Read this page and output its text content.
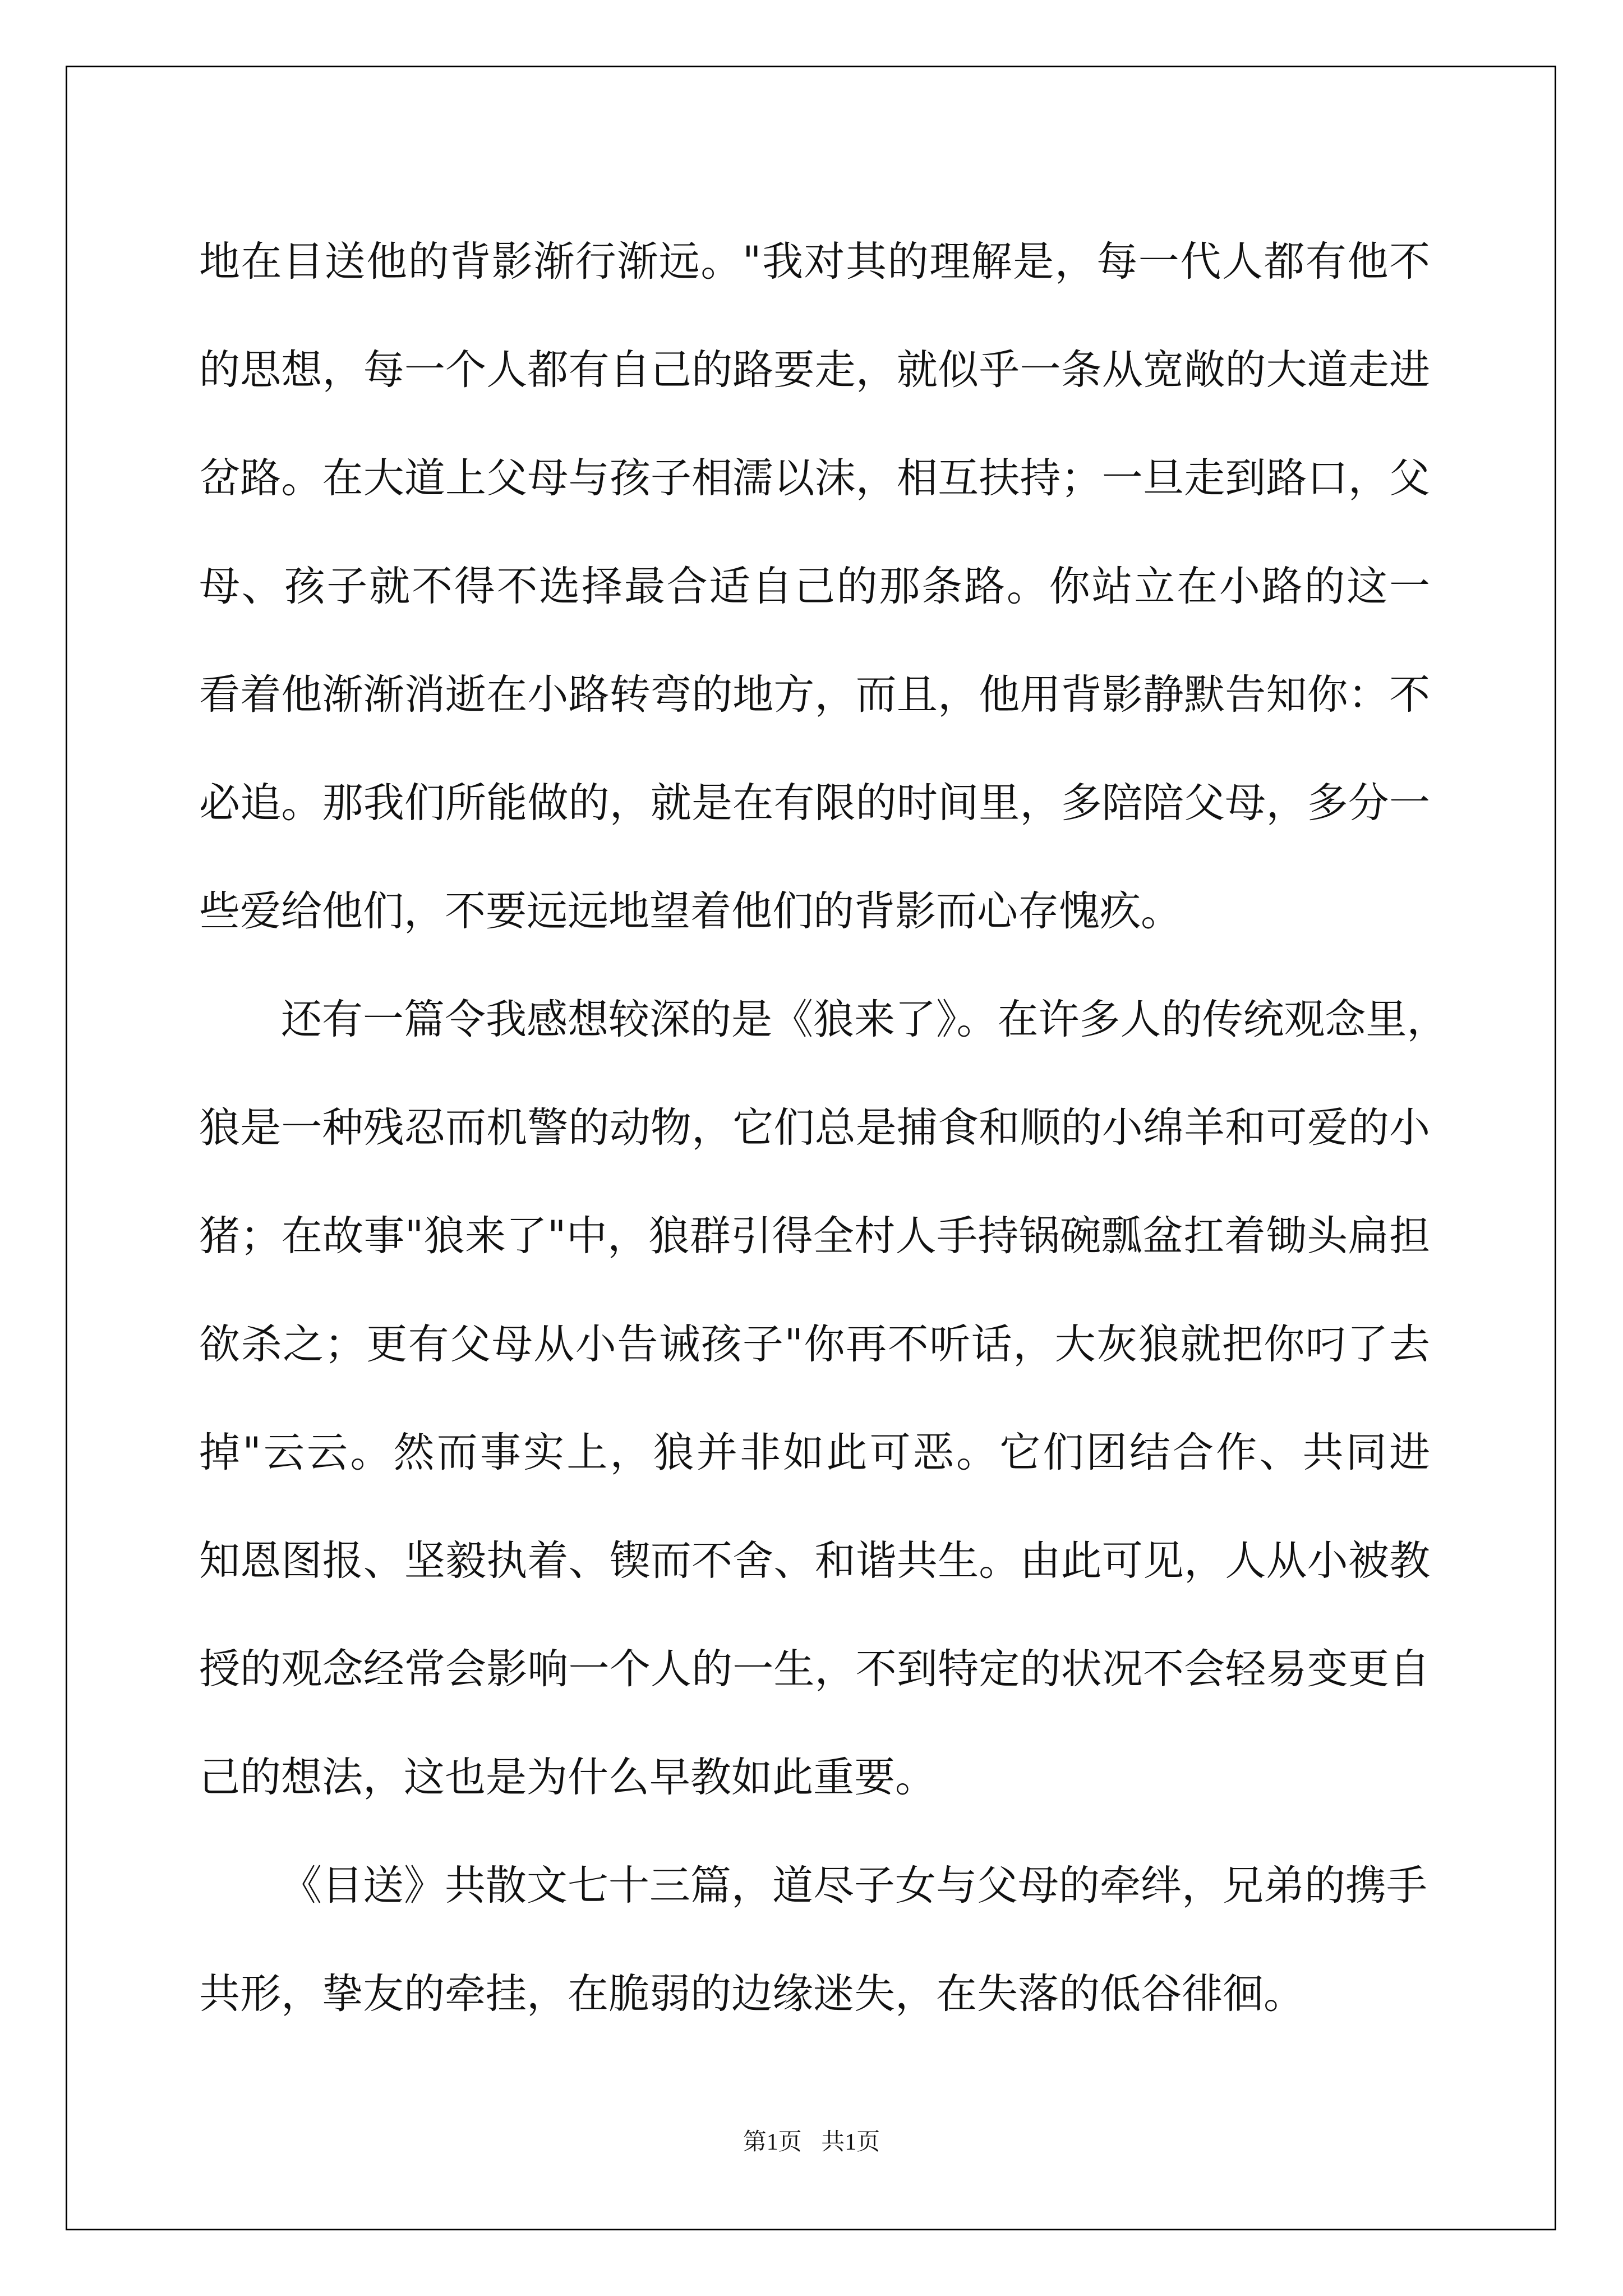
地在目送他的背影渐行渐远。"我对其的理解是，每一代人都有他不
的思想，每一个人都有自己的路要走，就似乎一条从宽敞的大道走进
岔路。在大道上父母与孩子相濡以沫，相互扶持；一旦走到路口，父
母、孩子就不得不选择最合适自己的那条路。你站立在小路的这一
看着他渐渐消逝在小路转弯的地方，而且，他用背影静默告知你：不
必追。那我们所能做的，就是在有限的时间里，多陪陪父母，多分一
些爱给他们，不要远远地望着他们的背影而心存愧疚。
还有一篇令我感想较深的是《狼来了》。在许多人的传统观念里，
狼是一种残忍而机警的动物，它们总是捕食和顺的小绵羊和可爱的小
猪；在故事"狼来了"中，狼群引得全村人手持锅碗瓢盆扛着锄头扁担
欲杀之；更有父母从小告诫孩子"你再不听话，大灰狼就把你叼了去
掉"云云。然而事实上，狼并非如此可恶。它们团结合作、共同进
知恩图报、坚毅执着、锲而不舍、和谐共生。由此可见，人从小被教
授的观念经常会影响一个人的一生，不到特定的状况不会轻易变更自
己的想法，这也是为什么早教如此重要。
《目送》共散文七十三篇，道尽子女与父母的牵绊，兄弟的携手
共形，挚友的牵挂，在脆弱的边缘迷失，在失落的低谷徘徊。
第1页 共1页
